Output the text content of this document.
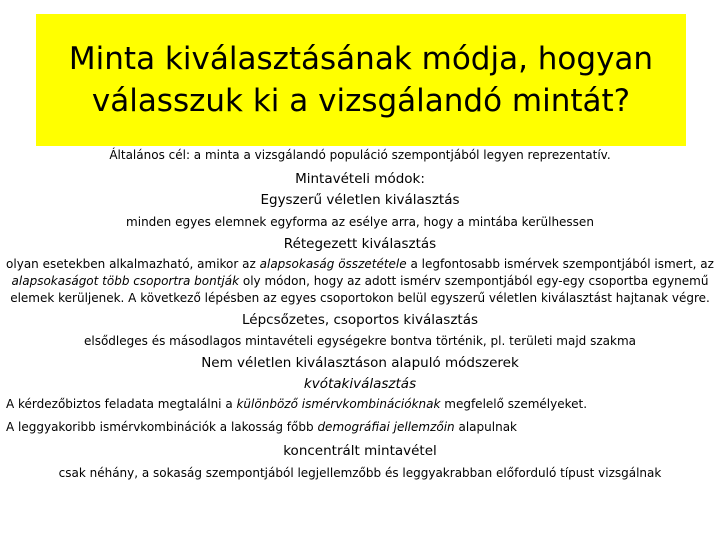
Minta kiválasztásának módja, hogyan
válasszuk ki a vizsgálandó mintát?

Általános cél: a minta a vizsgálandó populáció szempontjából legyen reprezentatív.

Mintavételi módok:

Egyszerű véletlen kiválasztás

minden egyes elemnek egyforma az esélye arra, hogy a mintába kerülhessen

Rétegezett kiválasztás

olyan esetekben alkalmazható, amikor az alapsokaság összetétele a legfontosabb ismérvek szempontjából ismert, az alapsokaságot több csoportra bontják oly módon, hogy az adott ismérv szempontjából egy-egy csoportba egynemű elemek kerüljenek. A következő lépésben az egyes csoportokon belül egyszerű véletlen kiválasztást hajtanak végre.

Lépcsőzetes, csoportos kiválasztás

elsődleges és másodlagos mintavételi egységekre bontva történik, pl. területi majd szakma

Nem véletlen kiválasztáson alapuló módszerek

kvótakiválasztás

A kérdezőbiztos feladata megtalálni a különböző ismérvkombinációknak megfelelő személyeket.

A leggyakoribb ismérvkombinációk a lakosság főbb demográfiai jellemzőin alapulnak

koncentrált mintavétel

csak néhány, a sokaság szempontjából legjellemzőbb és leggyakrabban előforduló típust vizsgálnak
